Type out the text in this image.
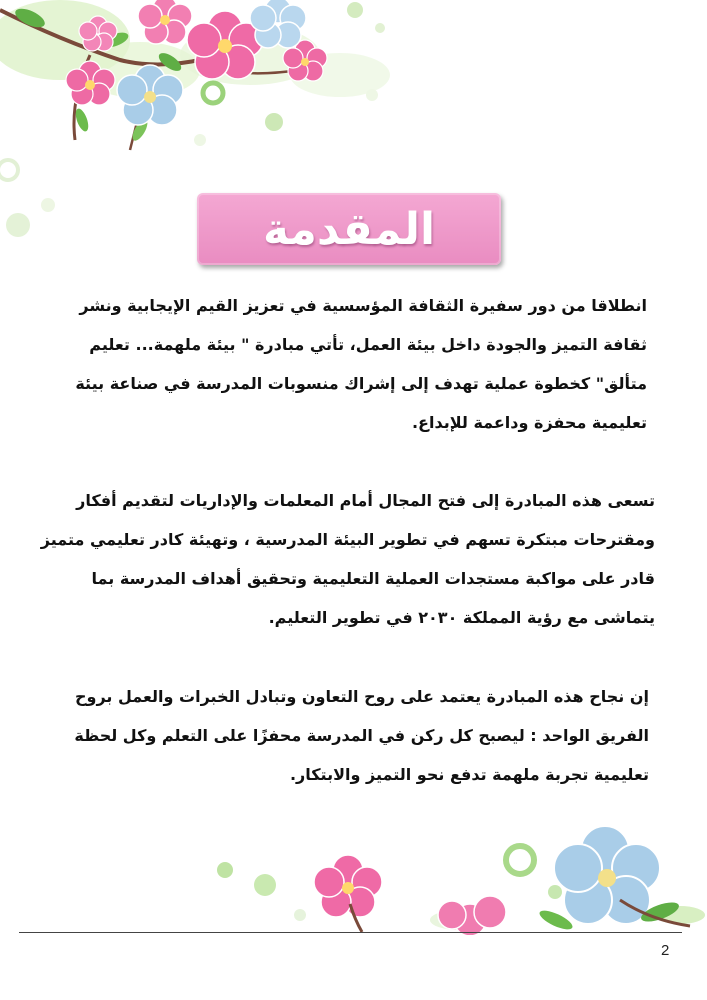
المقدمة

انطلاقا من دور سفيرة الثقافة المؤسسية في تعزيز القيم الإيجابية ونشر ثقافة التميز والجودة داخل بيئة العمل، تأتي مبادرة " بيئة ملهمة... تعليم متألق" كخطوة عملية تهدف إلى إشراك منسوبات المدرسة في صناعة بيئة تعليمية محفزة وداعمة للإبداع.

تسعى هذه المبادرة إلى فتح المجال أمام المعلمات والإداريات لتقديم أفكار ومقترحات مبتكرة تسهم في تطوير البيئة المدرسية ، وتهيئة كادر تعليمي متميز قادر على مواكبة مستجدات العملية التعليمية وتحقيق أهداف المدرسة بما يتماشى مع رؤية المملكة ٢٠٣٠ في تطوير التعليم.

إن نجاح هذه المبادرة يعتمد على روح التعاون وتبادل الخبرات والعمل بروح الفريق الواحد : ليصبح كل ركن في المدرسة محفزًا على التعلم وكل لحظة تعليمية تجربة ملهمة تدفع نحو التميز والابتكار.

2
